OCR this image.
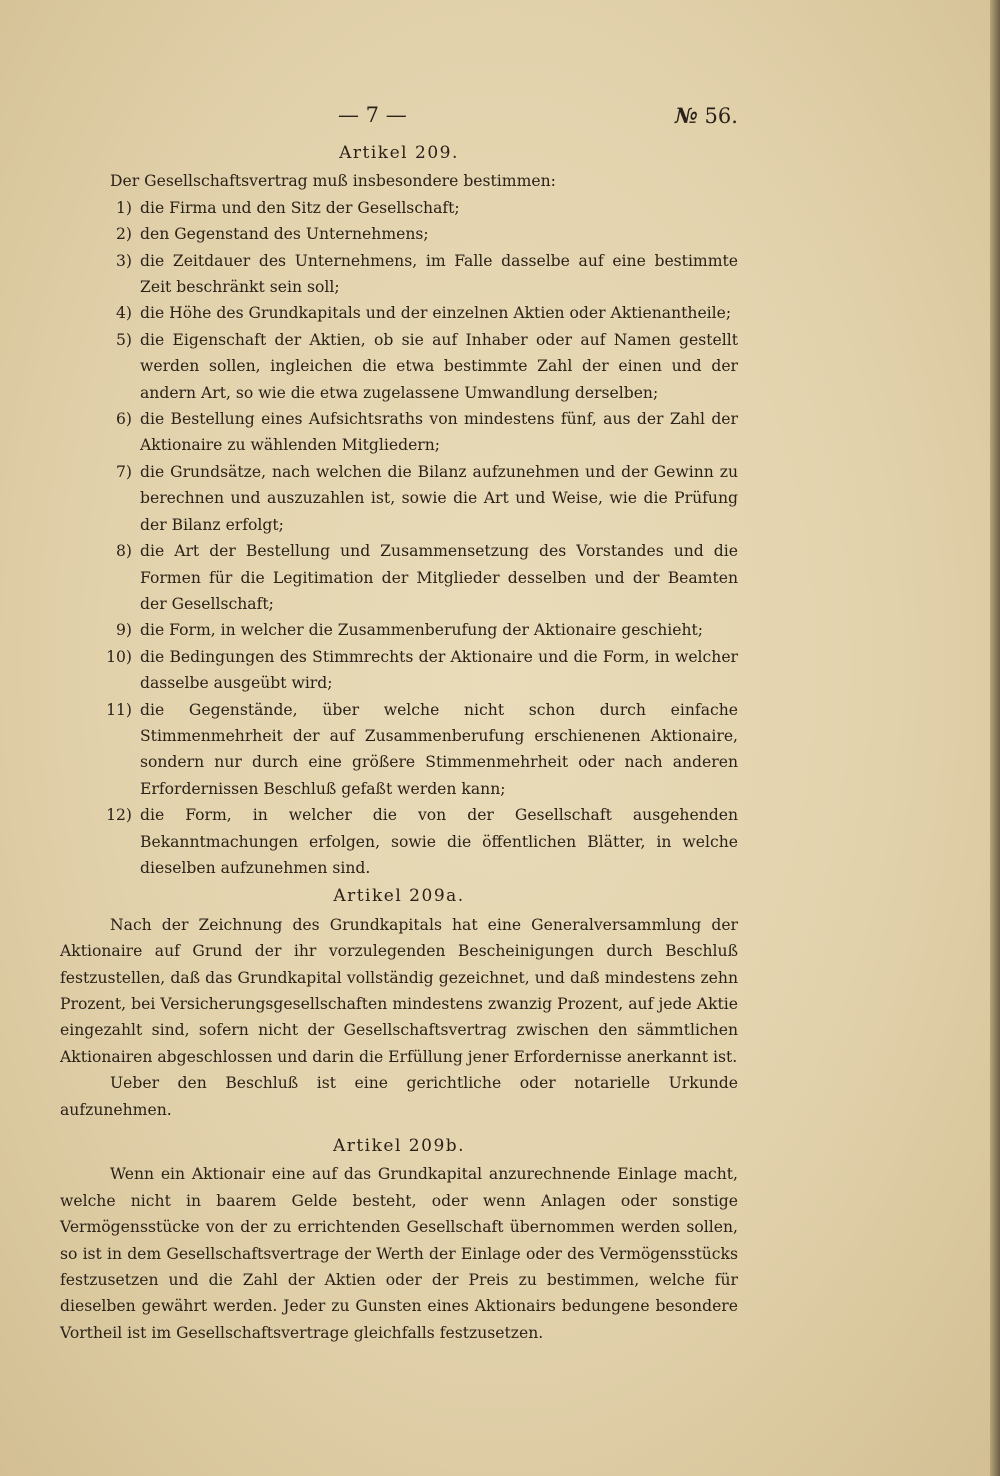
— 7 —	№ 56.
Artikel 209.

Der Gesellschaftsvertrag muß insbesondere bestimmen:

1) die Firma und den Sitz der Gesellschaft;
2) den Gegenstand des Unternehmens;
3) die Zeitdauer des Unternehmens, im Falle dasselbe auf eine bestimmte Zeit beschränkt sein soll;
4) die Höhe des Grundkapitals und der einzelnen Aktien oder Aktienantheile;
5) die Eigenschaft der Aktien, ob sie auf Inhaber oder auf Namen gestellt werden sollen, ingleichen die etwa bestimmte Zahl der einen und der andern Art, so wie die etwa zugelassene Umwandlung derselben;
6) die Bestellung eines Aufsichtsraths von mindestens fünf, aus der Zahl der Aktionaire zu wählenden Mitgliedern;
7) die Grundsätze, nach welchen die Bilanz aufzunehmen und der Gewinn zu berechnen und auszuzahlen ist, sowie die Art und Weise, wie die Prüfung der Bilanz erfolgt;
8) die Art der Bestellung und Zusammensetzung des Vorstandes und die Formen für die Legitimation der Mitglieder desselben und der Beamten der Gesellschaft;
9) die Form, in welcher die Zusammenberufung der Aktionaire geschieht;
10) die Bedingungen des Stimmrechts der Aktionaire und die Form, in welcher dasselbe ausgeübt wird;
11) die Gegenstände, über welche nicht schon durch einfache Stimmenmehrheit der auf Zusammenberufung erschienenen Aktionaire, sondern nur durch eine größere Stimmenmehrheit oder nach anderen Erfordernissen Beschluß gefaßt werden kann;
12) die Form, in welcher die von der Gesellschaft ausgehenden Bekanntmachungen erfolgen, sowie die öffentlichen Blätter, in welche dieselben aufzunehmen sind.
Artikel 209a.

Nach der Zeichnung des Grundkapitals hat eine Generalversammlung der Aktionaire auf Grund der ihr vorzulegenden Bescheinigungen durch Beschluß festzustellen, daß das Grundkapital vollständig gezeichnet, und daß mindestens zehn Prozent, bei Versicherungsgesellschaften mindestens zwanzig Prozent, auf jede Aktie eingezahlt sind, sofern nicht der Gesellschaftsvertrag zwischen den sämmtlichen Aktionairen abgeschlossen und darin die Erfüllung jener Erfordernisse anerkannt ist.

Ueber den Beschluß ist eine gerichtliche oder notarielle Urkunde aufzunehmen.

Artikel 209b.

Wenn ein Aktionair eine auf das Grundkapital anzurechnende Einlage macht, welche nicht in baarem Gelde besteht, oder wenn Anlagen oder sonstige Vermögensstücke von der zu errichtenden Gesellschaft übernommen werden sollen, so ist in dem Gesellschaftsvertrage der Werth der Einlage oder des Vermögensstücks festzusetzen und die Zahl der Aktien oder der Preis zu bestimmen, welche für dieselben gewährt werden. Jeder zu Gunsten eines Aktionairs bedungene besondere Vortheil ist im Gesellschaftsvertrage gleichfalls festzusetzen.
